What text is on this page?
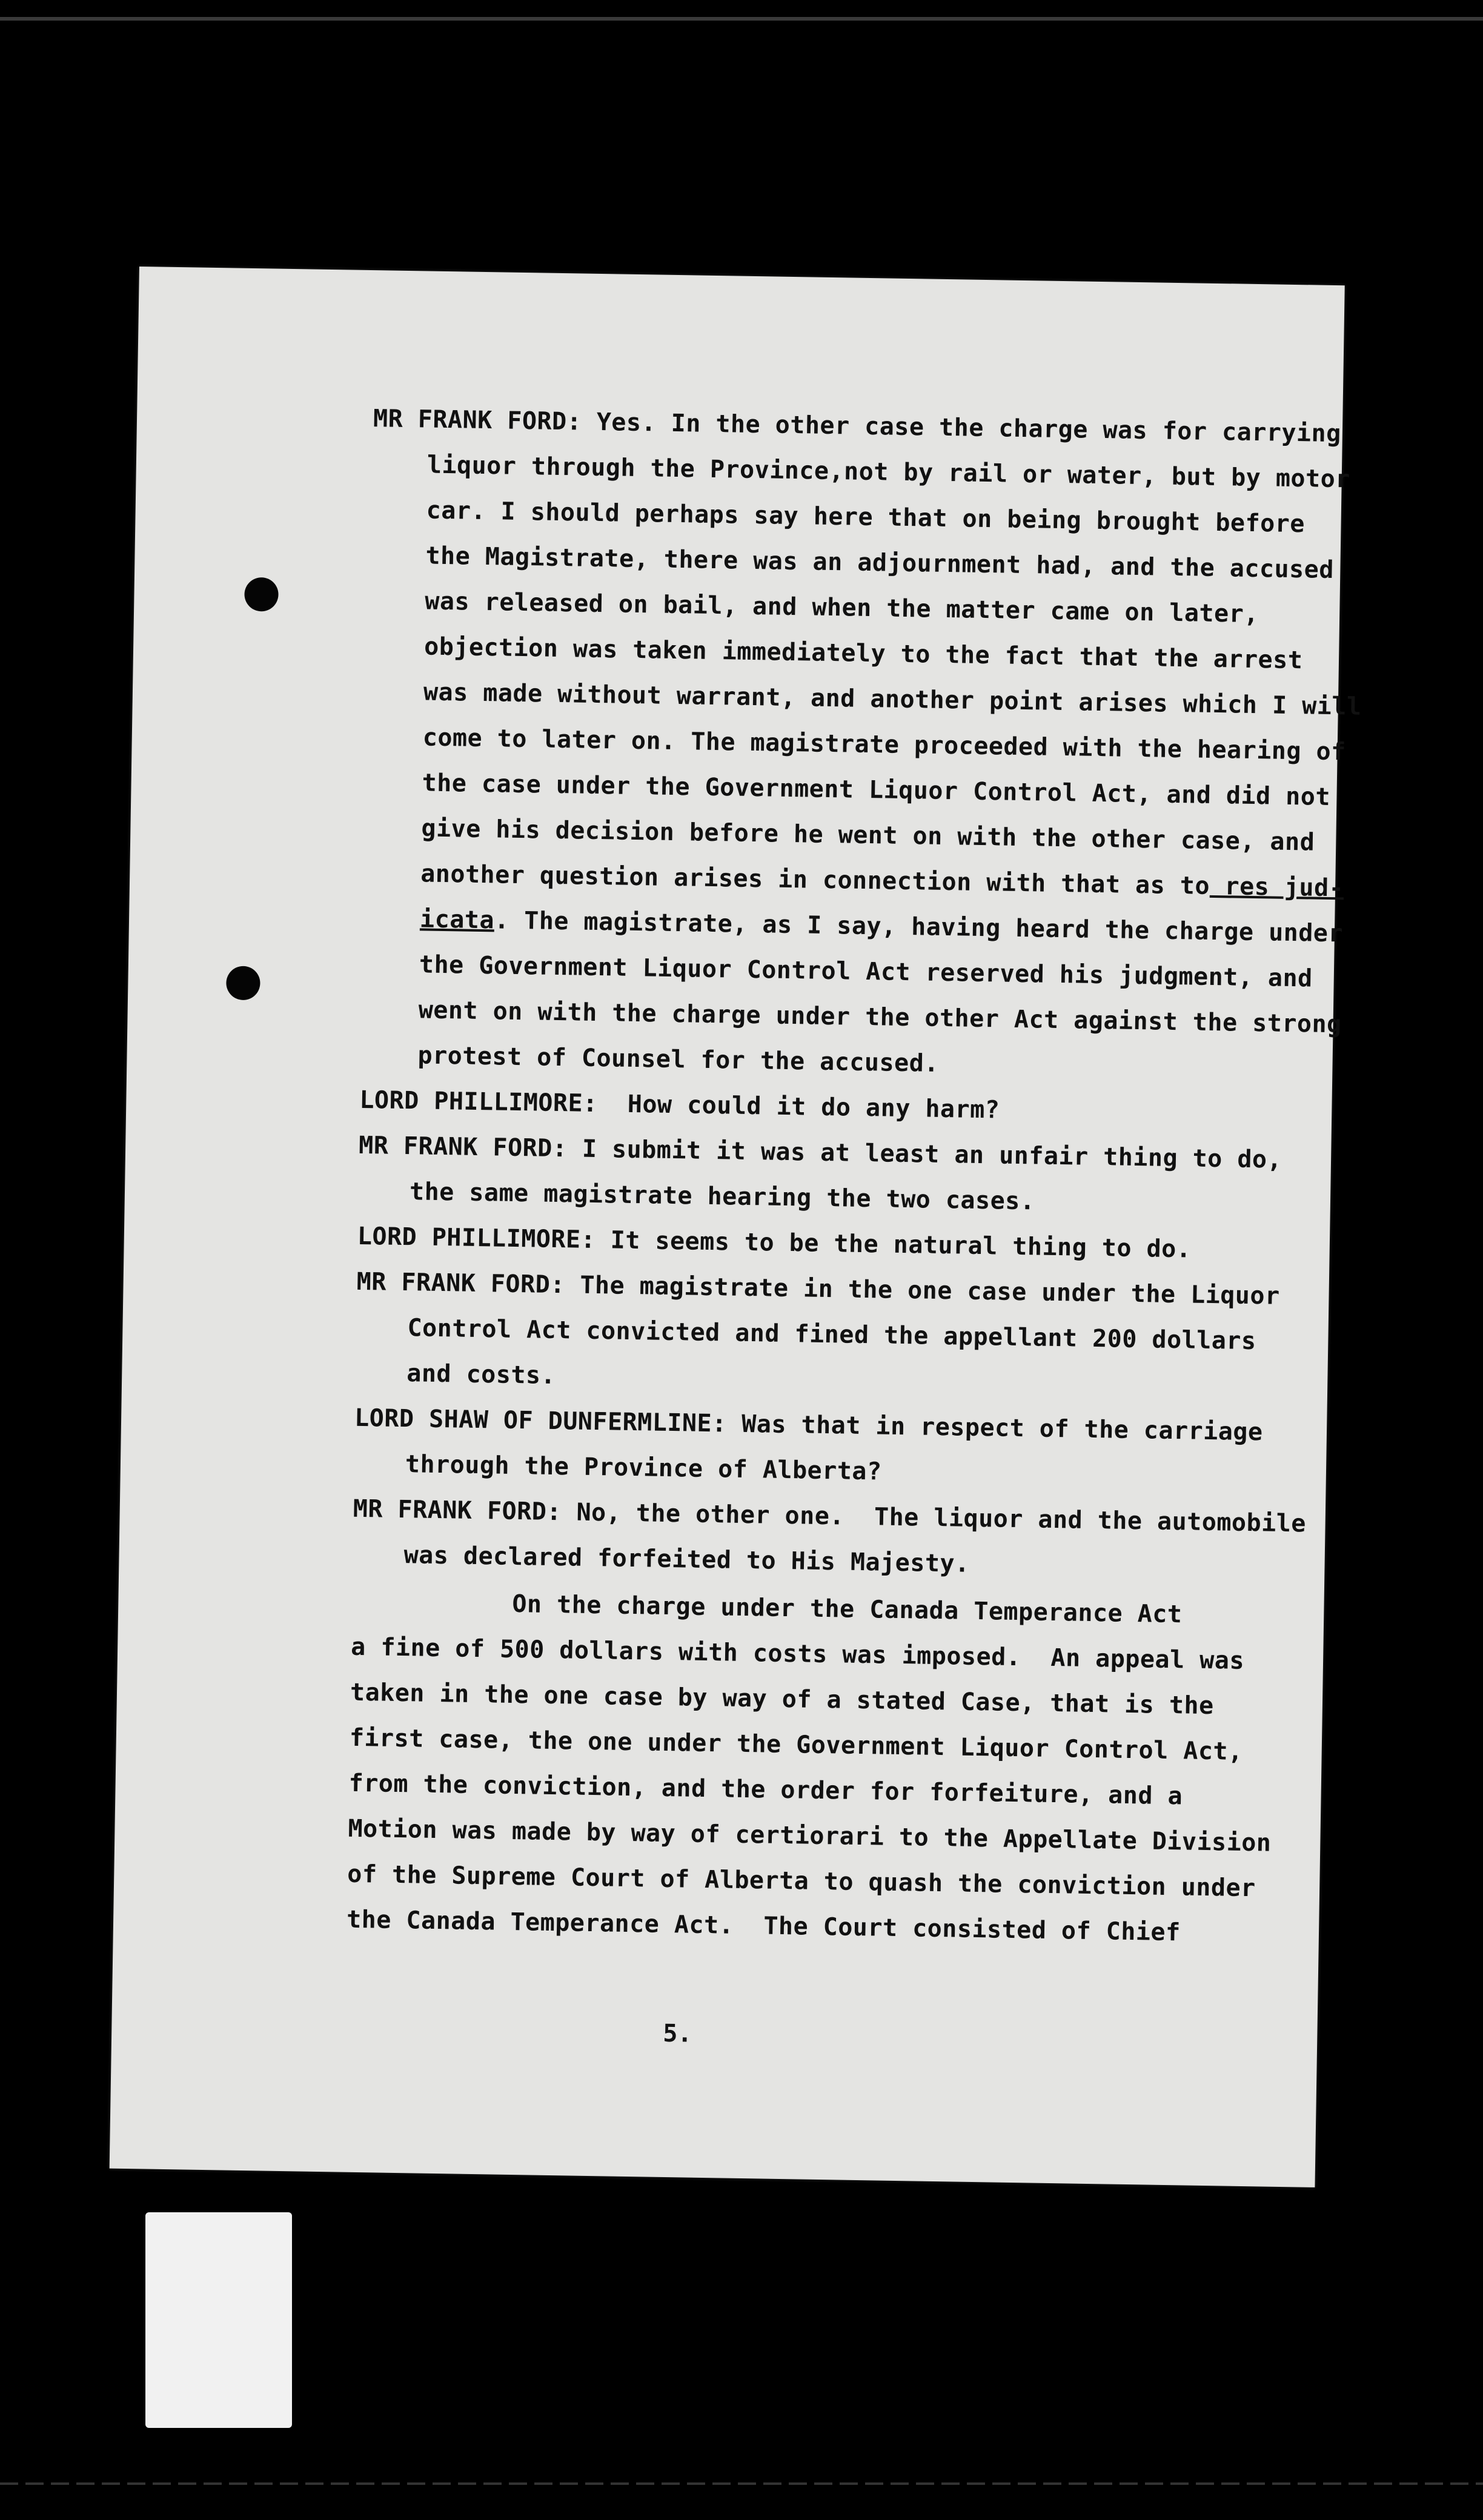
MR FRANK FORD: Yes. In the other case the charge was for carrying

liquor through the Province,not by rail or water, but by motor

car. I should perhaps say here that on being brought before

the Magistrate, there was an adjournment had, and the accused

was released on bail, and when the matter came on later,

objection was taken immediately to the fact that the arrest

was made without warrant, and another point arises which I will

come to later on. The magistrate proceeded with the hearing of

the case under the Government Liquor Control Act, and did not

give his decision before he went on with the other case, and

another question arises in connection with that as to res jud-

icata. The magistrate, as I say, having heard the charge under

the Government Liquor Control Act reserved his judgment, and

went on with the charge under the other Act against the strong

protest of Counsel for the accused.

LORD PHILLIMORE:  How could it do any harm?

MR FRANK FORD: I submit it was at least an unfair thing to do,

the same magistrate hearing the two cases.

LORD PHILLIMORE: It seems to be the natural thing to do.

MR FRANK FORD: The magistrate in the one case under the Liquor

Control Act convicted and fined the appellant 200 dollars

and costs.

LORD SHAW OF DUNFERMLINE: Was that in respect of the carriage

through the Province of Alberta?

MR FRANK FORD: No, the other one.  The liquor and the automobile

was declared forfeited to His Majesty.

On the charge under the Canada Temperance Act

a fine of 500 dollars with costs was imposed.  An appeal was

taken in the one case by way of a stated Case, that is the

first case, the one under the Government Liquor Control Act,

from the conviction, and the order for forfeiture, and a

Motion was made by way of certiorari to the Appellate Division

of the Supreme Court of Alberta to quash the conviction under

the Canada Temperance Act.  The Court consisted of Chief

5.
